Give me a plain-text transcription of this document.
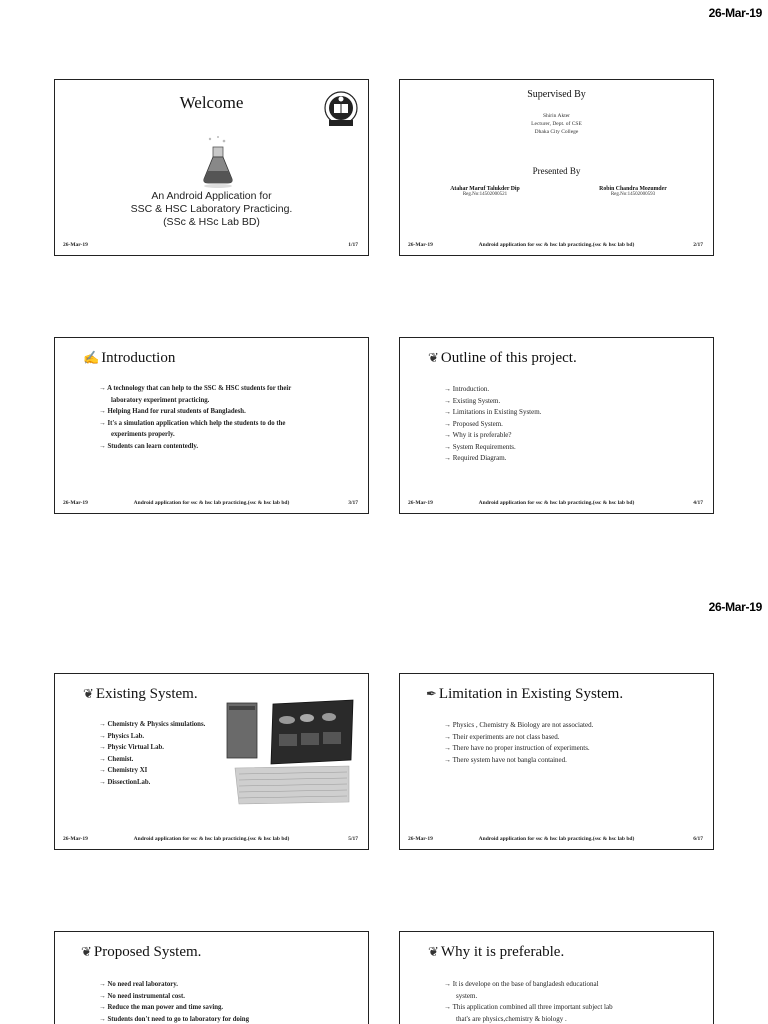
26-Mar-19
Welcome
An Android Application for
SSC & HSC Laboratory Practicing.
(SSc & HSc Lab BD)
26-Mar-19	1/17
Supervised By
Shirin Akter
Lecturer, Dept. of CSE
Dhaka City College
Presented By
Atahar Maruf Talukder Dip
Reg.No:14502000521
Robin Chandra Mozumder
Reg.No:14502000593
26-Mar-19	Android application for ssc & hsc lab practicing.(ssc & hsc lab bd)	2/17
✍ Introduction
→ A technology that can help to the SSC & HSC students for their
laboratory experiment practicing.
→ Helping Hand for rural students of Bangladesh.
→ It's a simulation application which help the students to do the
experiments properly.
→ Students can learn contentedly.
26-Mar-19	Android application for ssc & hsc lab practicing.(ssc & hsc lab bd)	3/17
❦ Outline of this project.
→ Introduction.
→ Existing System.
→ Limitations in Existing System.
→ Proposed System.
→ Why it is preferable?
→ System Requirements.
→ Required Diagram.
26-Mar-19	Android application for ssc & hsc lab practicing.(ssc & hsc lab bd)	4/17
26-Mar-19
❦ Existing System.
→ Chemistry & Physics simulations.
→ Physics Lab.
→ Physic Virtual Lab.
→ Chemist.
→ Chemistry XI
→ DissectionLab.
26-Mar-19	Android application for ssc & hsc lab practicing.(ssc & hsc lab bd)	5/17
✒ Limitation in Existing System.
→ Physics , Chemistry & Biology are not associated.
→ Their experiments are not class based.
→ There have no proper instruction of experiments.
→ There system have not bangla contained.
26-Mar-19	Android application for ssc & hsc lab practicing.(ssc & hsc lab bd)	6/17
❦ Proposed System.
→ No need real laboratory.
→ No need instrumental cost.
→ Reduce the man power and time saving.
→ Students don't need to go to laboratory for doing
❦ Why it is preferable.
→ It is develope on the base of bangladesh educational
system.
→ This application combined all three important subject lab
that's are physics,chemistry & biology .
